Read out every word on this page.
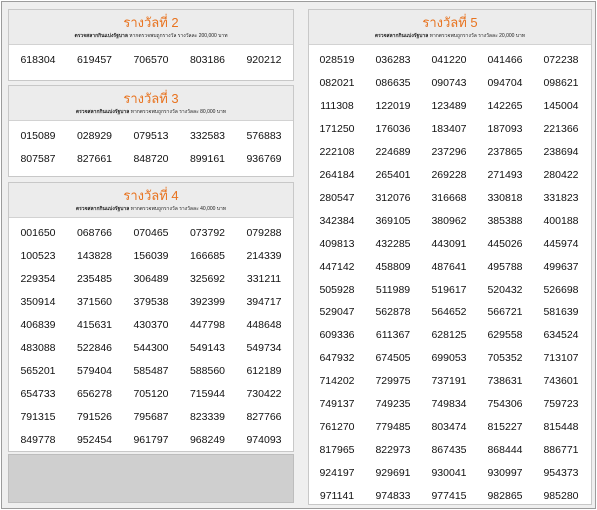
รางวัลที่ 2
ตรวจสลากกินแบ่งรัฐบาล หากตรวจพบถูกรางวัล รางวัลละ 200,000 บาท
618304	619457	706570	803186	920212
รางวัลที่ 3
ตรวจสลากกินแบ่งรัฐบาล หากตรวจพบถูกรางวัล รางวัลละ 80,000 บาท
015089	028929	079513	332583	576883
807587	827661	848720	899161	936769
รางวัลที่ 4
ตรวจสลากกินแบ่งรัฐบาล หากตรวจพบถูกรางวัล รางวัลละ 40,000 บาท
001650	068766	070465	073792	079288
100523	143828	156039	166685	214339
229354	235485	306489	325692	331211
350914	371560	379538	392399	394717
406839	415631	430370	447798	448648
483088	522846	544300	549143	549734
565201	579404	585487	588560	612189
654733	656278	705120	715944	730422
791315	791526	795687	823339	827766
849778	952454	961797	968249	974093
รางวัลที่ 5
ตรวจสลากกินแบ่งรัฐบาล หากตรวจพบถูกรางวัล รางวัลละ 20,000 บาท
028519	036283	041220	041466	072238
082021	086635	090743	094704	098621
111308	122019	123489	142265	145004
171250	176036	183407	187093	221366
222108	224689	237296	237865	238694
264184	265401	269228	271493	280422
280547	312076	316668	330818	331823
342384	369105	380962	385388	400188
409813	432285	443091	445026	445974
447142	458809	487641	495788	499637
505928	511989	519617	520432	526698
529047	562878	564652	566721	581639
609336	611367	628125	629558	634524
647932	674505	699053	705352	713107
714202	729975	737191	738631	743601
749137	749235	749834	754306	759723
761270	779485	803474	815227	815448
817965	822973	867435	868444	886771
924197	929691	930041	930997	954373
971141	974833	977415	982865	985280
